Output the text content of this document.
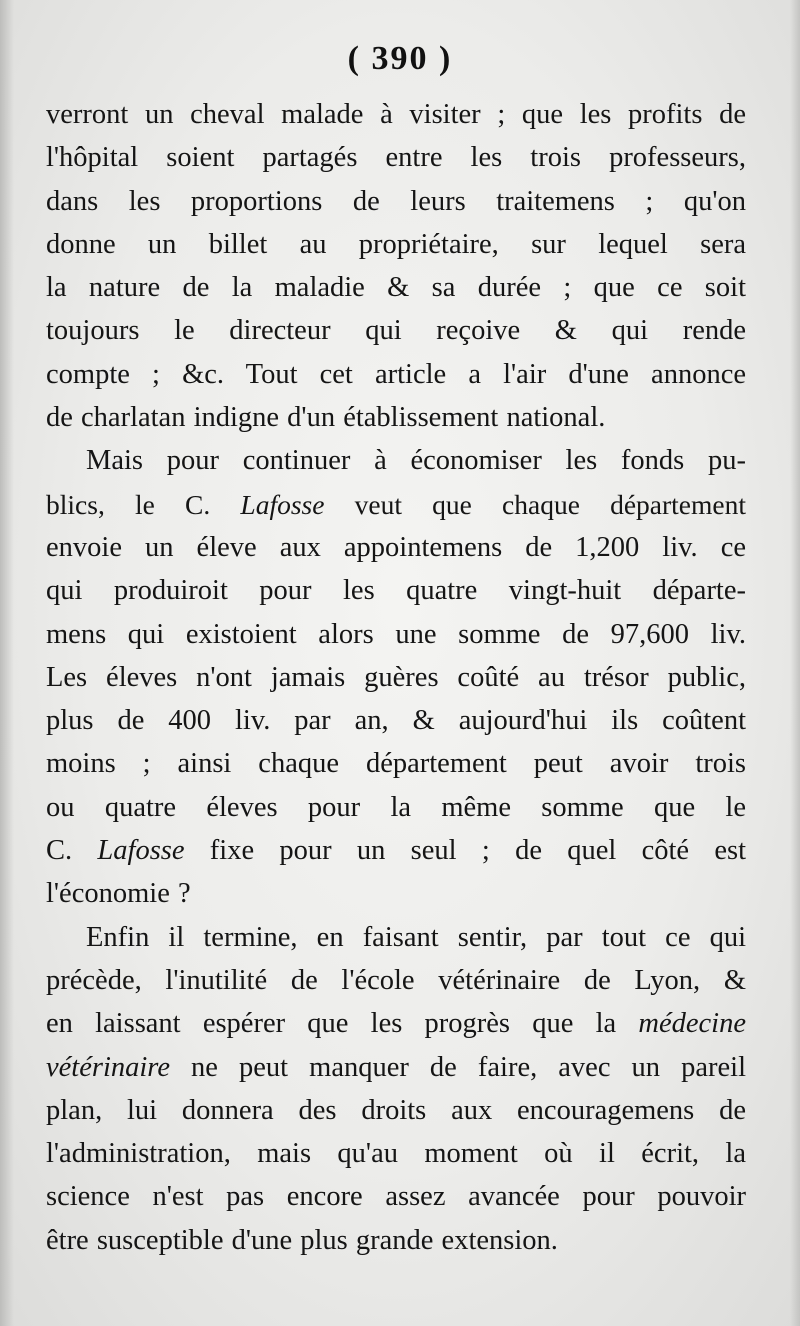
( 390 )
verront un cheval malade à visiter ; que les profits de
l'hôpital soient partagés entre les trois professeurs,
dans les proportions de leurs traitemens ; qu'on
donne un billet au propriétaire, sur lequel sera
la nature de la maladie & sa durée ; que ce soit
toujours le directeur qui reçoive & qui rende
compte ; &c. Tout cet article a l'air d'une annonce
de charlatan indigne d'un établissement national.
Mais pour continuer à économiser les fonds pu-
blics, le C. Lafosse veut que chaque département
envoie un éleve aux appointemens de 1,200 liv. ce
qui produiroit pour les quatre vingt-huit départe-
mens qui existoient alors une somme de 97,600 liv.
Les éleves n'ont jamais guères coûté au trésor public,
plus de 400 liv. par an, & aujourd'hui ils coûtent
moins ; ainsi chaque département peut avoir trois
ou quatre éleves pour la même somme que le
C. Lafosse fixe pour un seul ; de quel côté est
l'économie ?
Enfin il termine, en faisant sentir, par tout ce qui
précède, l'inutilité de l'école vétérinaire de Lyon, &
en laissant espérer que les progrès que la médecine
vétérinaire ne peut manquer de faire, avec un pareil
plan, lui donnera des droits aux encouragemens de
l'administration, mais qu'au moment où il écrit, la
science n'est pas encore assez avancée pour pouvoir
être susceptible d'une plus grande extension.
